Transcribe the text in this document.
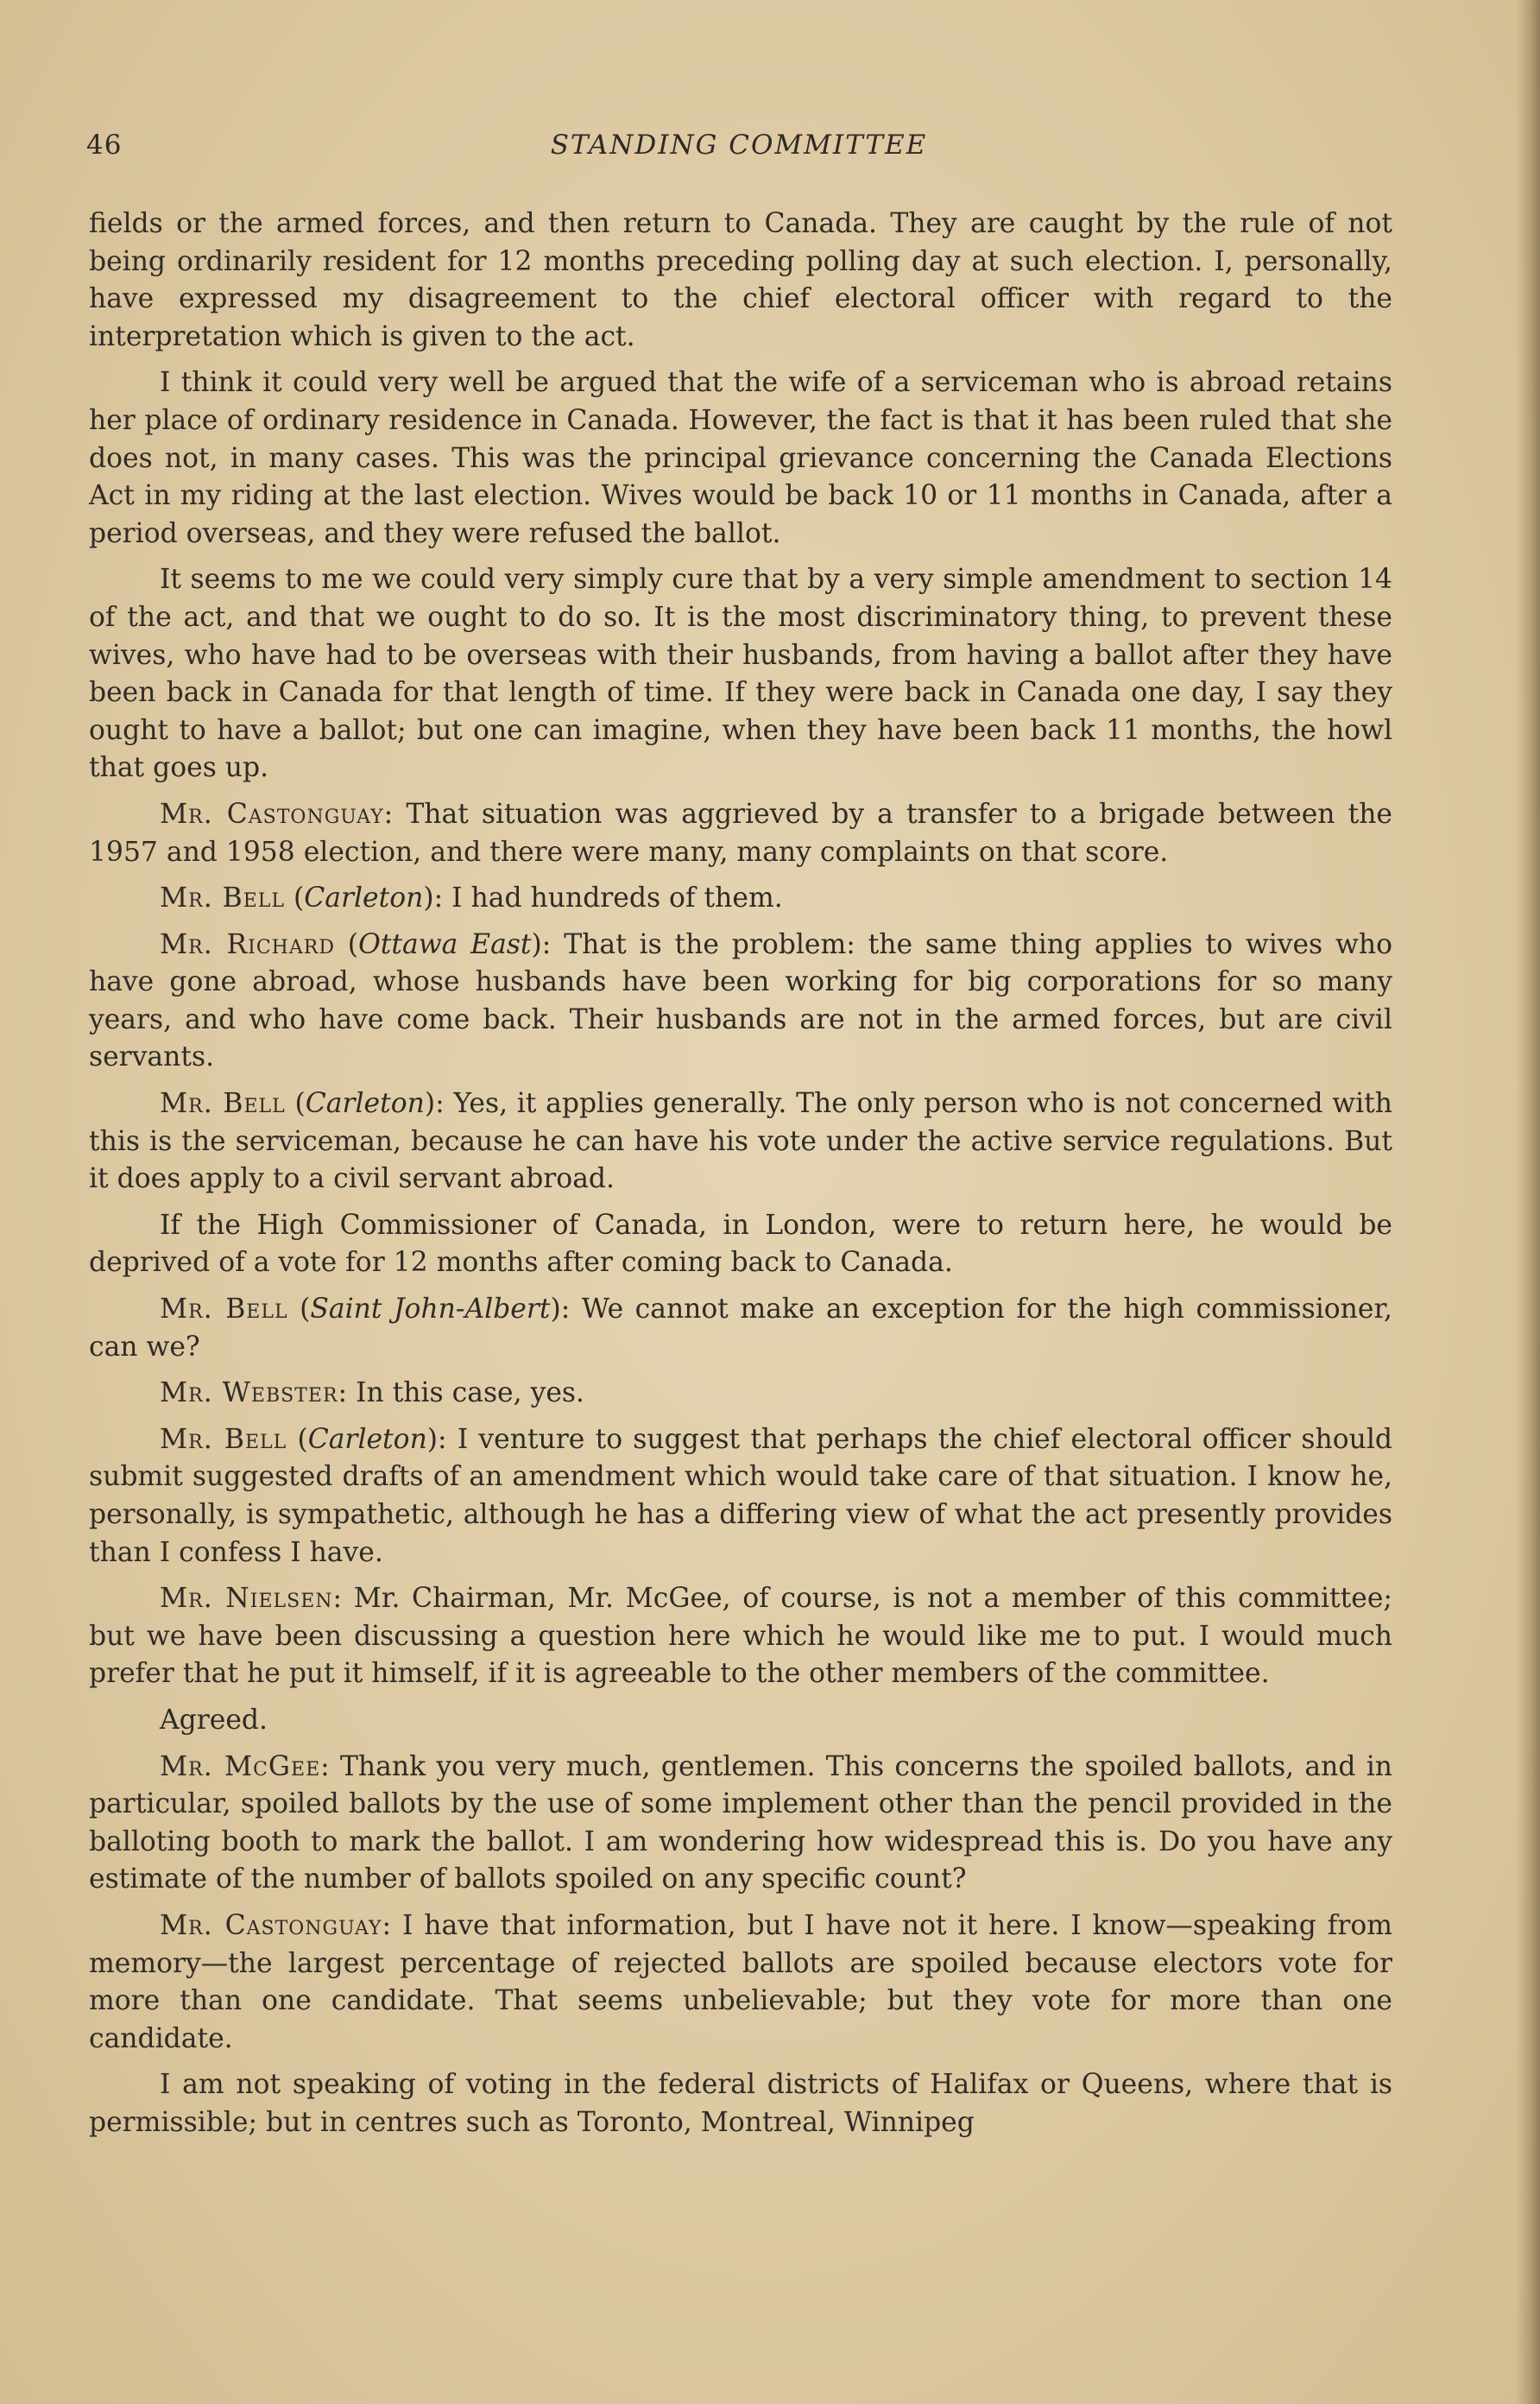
46	STANDING COMMITTEE

fields or the armed forces, and then return to Canada. They are caught by the rule of not being ordinarily resident for 12 months preceding polling day at such election. I, personally, have expressed my disagreement to the chief electoral officer with regard to the interpretation which is given to the act.

I think it could very well be argued that the wife of a serviceman who is abroad retains her place of ordinary residence in Canada. However, the fact is that it has been ruled that she does not, in many cases. This was the principal grievance concerning the Canada Elections Act in my riding at the last election. Wives would be back 10 or 11 months in Canada, after a period overseas, and they were refused the ballot.

It seems to me we could very simply cure that by a very simple amendment to section 14 of the act, and that we ought to do so. It is the most discriminatory thing, to prevent these wives, who have had to be overseas with their husbands, from having a ballot after they have been back in Canada for that length of time. If they were back in Canada one day, I say they ought to have a ballot; but one can imagine, when they have been back 11 months, the howl that goes up.

Mr. Castonguay: That situation was aggrieved by a transfer to a brigade between the 1957 and 1958 election, and there were many, many complaints on that score.

Mr. Bell (Carleton): I had hundreds of them.

Mr. Richard (Ottawa East): That is the problem: the same thing applies to wives who have gone abroad, whose husbands have been working for big corporations for so many years, and who have come back. Their husbands are not in the armed forces, but are civil servants.

Mr. Bell (Carleton): Yes, it applies generally. The only person who is not concerned with this is the serviceman, because he can have his vote under the active service regulations. But it does apply to a civil servant abroad.

If the High Commissioner of Canada, in London, were to return here, he would be deprived of a vote for 12 months after coming back to Canada.

Mr. Bell (Saint John-Albert): We cannot make an exception for the high commissioner, can we?

Mr. Webster: In this case, yes.

Mr. Bell (Carleton): I venture to suggest that perhaps the chief electoral officer should submit suggested drafts of an amendment which would take care of that situation. I know he, personally, is sympathetic, although he has a differing view of what the act presently provides than I confess I have.

Mr. Nielsen: Mr. Chairman, Mr. McGee, of course, is not a member of this committee; but we have been discussing a question here which he would like me to put. I would much prefer that he put it himself, if it is agreeable to the other members of the committee.

Agreed.

Mr. McGee: Thank you very much, gentlemen. This concerns the spoiled ballots, and in particular, spoiled ballots by the use of some implement other than the pencil provided in the balloting booth to mark the ballot. I am wondering how widespread this is. Do you have any estimate of the number of ballots spoiled on any specific count?

Mr. Castonguay: I have that information, but I have not it here. I know—speaking from memory—the largest percentage of rejected ballots are spoiled because electors vote for more than one candidate. That seems unbelievable; but they vote for more than one candidate.

I am not speaking of voting in the federal districts of Halifax or Queens, where that is permissible; but in centres such as Toronto, Montreal, Winnipeg
